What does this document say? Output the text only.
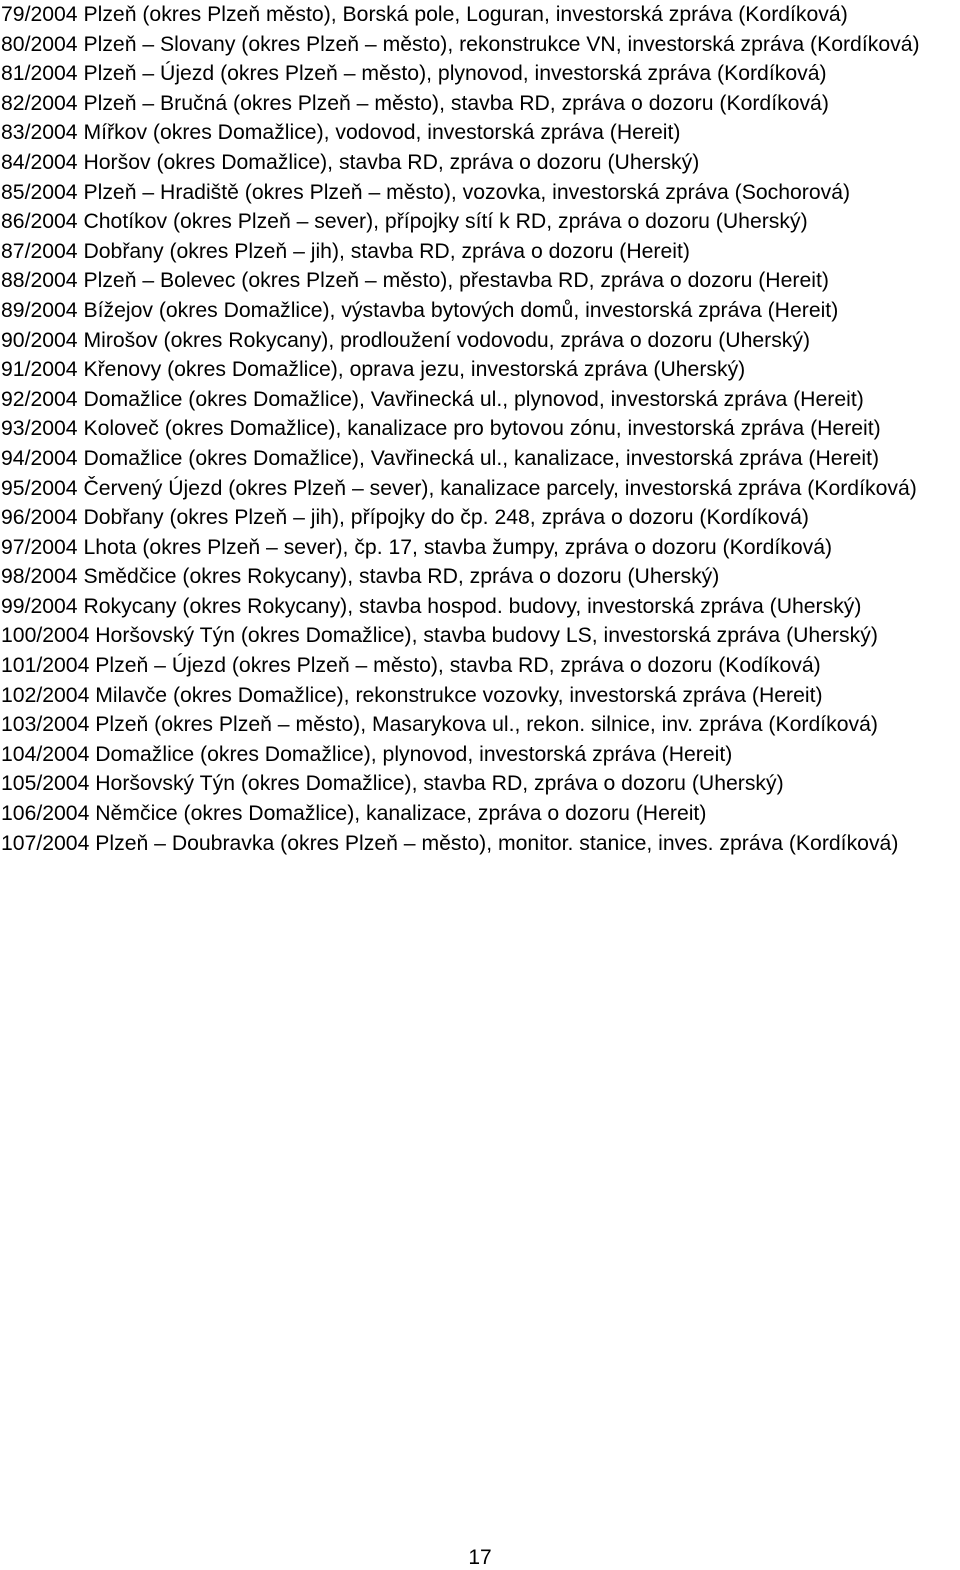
79/2004 Plzeň (okres Plzeň město), Borská pole, Loguran, investorská zpráva (Kordíková)

80/2004 Plzeň – Slovany (okres Plzeň – město), rekonstrukce VN, investorská zpráva (Kordíková)

81/2004 Plzeň – Újezd (okres Plzeň – město), plynovod, investorská zpráva (Kordíková)

82/2004 Plzeň – Bručná (okres Plzeň – město), stavba RD, zpráva o dozoru (Kordíková)

83/2004 Mířkov (okres Domažlice), vodovod, investorská zpráva (Hereit)

84/2004 Horšov (okres Domažlice), stavba RD, zpráva o dozoru (Uherský)

85/2004 Plzeň – Hradiště (okres Plzeň – město), vozovka, investorská zpráva (Sochorová)

86/2004 Chotíkov (okres Plzeň – sever), přípojky sítí k RD, zpráva o dozoru (Uherský)

87/2004 Dobřany (okres Plzeň – jih), stavba RD, zpráva o dozoru (Hereit)

88/2004 Plzeň – Bolevec (okres Plzeň – město), přestavba RD, zpráva o dozoru (Hereit)

89/2004 Bížejov (okres Domažlice), výstavba bytových domů, investorská zpráva (Hereit)

90/2004 Mirošov (okres Rokycany), prodloužení vodovodu, zpráva o dozoru (Uherský)

91/2004 Křenovy (okres Domažlice), oprava jezu, investorská zpráva (Uherský)

92/2004 Domažlice (okres Domažlice), Vavřinecká ul., plynovod, investorská zpráva (Hereit)

93/2004 Koloveč (okres Domažlice), kanalizace pro bytovou zónu, investorská zpráva (Hereit)

94/2004 Domažlice (okres Domažlice), Vavřinecká ul., kanalizace, investorská zpráva (Hereit)

95/2004 Červený Újezd (okres Plzeň – sever), kanalizace parcely, investorská zpráva (Kordíková)

96/2004 Dobřany (okres Plzeň – jih), přípojky do čp. 248, zpráva o dozoru (Kordíková)

97/2004 Lhota (okres Plzeň – sever), čp. 17, stavba žumpy, zpráva o dozoru (Kordíková)

98/2004 Smědčice (okres Rokycany), stavba RD, zpráva o dozoru (Uherský)

99/2004 Rokycany (okres Rokycany), stavba hospod. budovy, investorská zpráva (Uherský)

100/2004 Horšovský Týn (okres Domažlice), stavba budovy LS, investorská zpráva (Uherský)

101/2004 Plzeň – Újezd (okres Plzeň – město), stavba RD, zpráva o dozoru (Kodíková)

102/2004 Milavče (okres Domažlice), rekonstrukce vozovky, investorská zpráva (Hereit)

103/2004 Plzeň (okres Plzeň – město), Masarykova ul., rekon. silnice, inv. zpráva (Kordíková)

104/2004 Domažlice (okres Domažlice), plynovod, investorská zpráva (Hereit)

105/2004 Horšovský Týn (okres Domažlice), stavba RD, zpráva o dozoru (Uherský)

106/2004 Němčice (okres Domažlice), kanalizace, zpráva o dozoru (Hereit)

107/2004 Plzeň – Doubravka (okres Plzeň – město), monitor. stanice, inves. zpráva (Kordíková)

17
